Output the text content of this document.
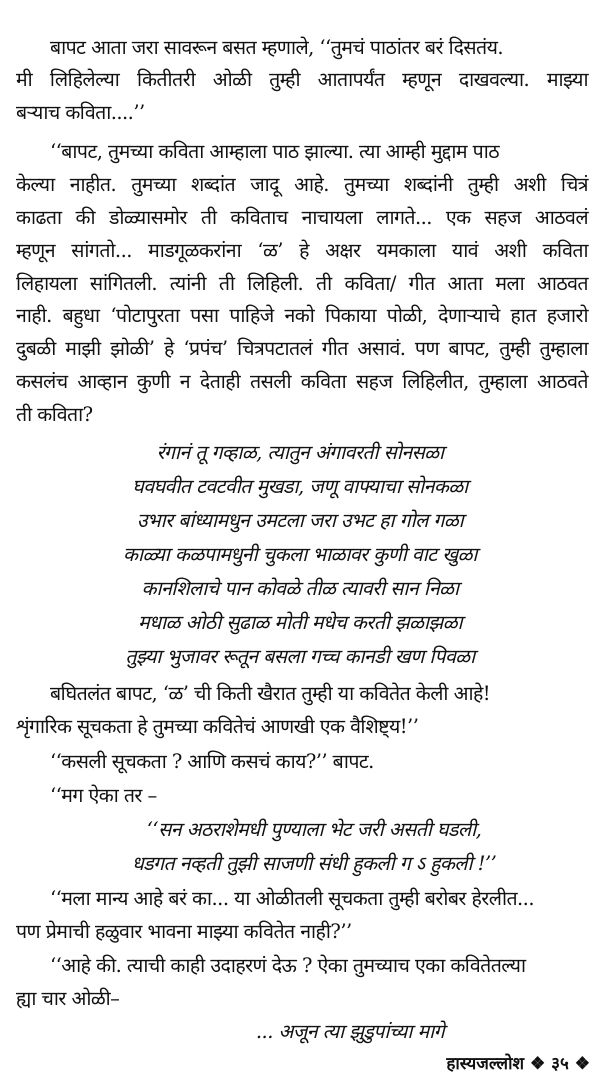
बापट आता जरा सावरून बसत म्हणाले, ‘‘तुमचं पाठांतर बरं दिसतंय.
मी लिहिलेल्या कितीतरी ओळी तुम्ही आतापर्यंत म्हणून दाखवल्या. माझ्या
बऱ्याच कविता....’’
‘‘बापट, तुमच्या कविता आम्हाला पाठ झाल्या. त्या आम्ही मुद्दाम पाठ
केल्या नाहीत. तुमच्या शब्दांत जादू आहे. तुमच्या शब्दांनी तुम्ही अशी चित्रं
काढता की डोळ्यासमोर ती कविताच नाचायला लागते... एक सहज आठवलं
म्हणून सांगतो... माडगूळकरांना ‘ळ’ हे अक्षर यमकाला यावं अशी कविता
लिहायला सांगितली. त्यांनी ती लिहिली. ती कविता/ गीत आता मला आठवत
नाही. बहुधा ‘पोटापुरता पसा पाहिजे नको पिकाया पोळी, देणाऱ्याचे हात हजारो
दुबळी माझी झोळी’ हे ‘प्रपंच’ चित्रपटातलं गीत असावं. पण बापट, तुम्ही तुम्हाला
कसलंच आव्हान कुणी न देताही तसली कविता सहज लिहिलीत, तुम्हाला आठवते
ती कविता?
रंगानं तू गव्हाळ, त्यातुन अंगावरती सोनसळा
घवघवीत टवटवीत मुखडा, जणू वाफ्याचा सोनकळा
उभार बांध्यामधुन उमटला जरा उभट हा गोल गळा
काळ्या कळपामधुनी चुकला भाळावर कुणी वाट खुळा
कानशिलाचे पान कोवळे तीळ त्यावरी सान निळा
मधाळ ओठी सुढाळ मोती मधेच करती झळाझळा
तुझ्या भुजावर रूतून बसला गच्च कानडी खण पिवळा
बघितलंत बापट, ‘ळ’ ची किती खैरात तुम्ही या कवितेत केली आहे!
शृंगारिक सूचकता हे तुमच्या कवितेचं आणखी एक वैशिष्ट्य!’’
‘‘कसली सूचकता ? आणि कसचं काय?’’ बापट.
‘‘मग ऐका तर –
‘‘सन अठराशेमधी पुण्याला भेट जरी असती घडली,
धडगत नव्हती तुझी साजणी संधी हुकली ग ऽ हुकली !’’
‘‘मला मान्य आहे बरं का... या ओळीतली सूचकता तुम्ही बरोबर हेरलीत...
पण प्रेमाची हळुवार भावना माझ्या कवितेत नाही?’’
‘‘आहे की. त्याची काही उदाहरणं देऊ ? ऐका तुमच्याच एका कवितेतल्या
ह्या चार ओळी–
... अजून त्या झुडुपांच्या मागे
हास्यजल्लोश ❖ ३५ ❖
